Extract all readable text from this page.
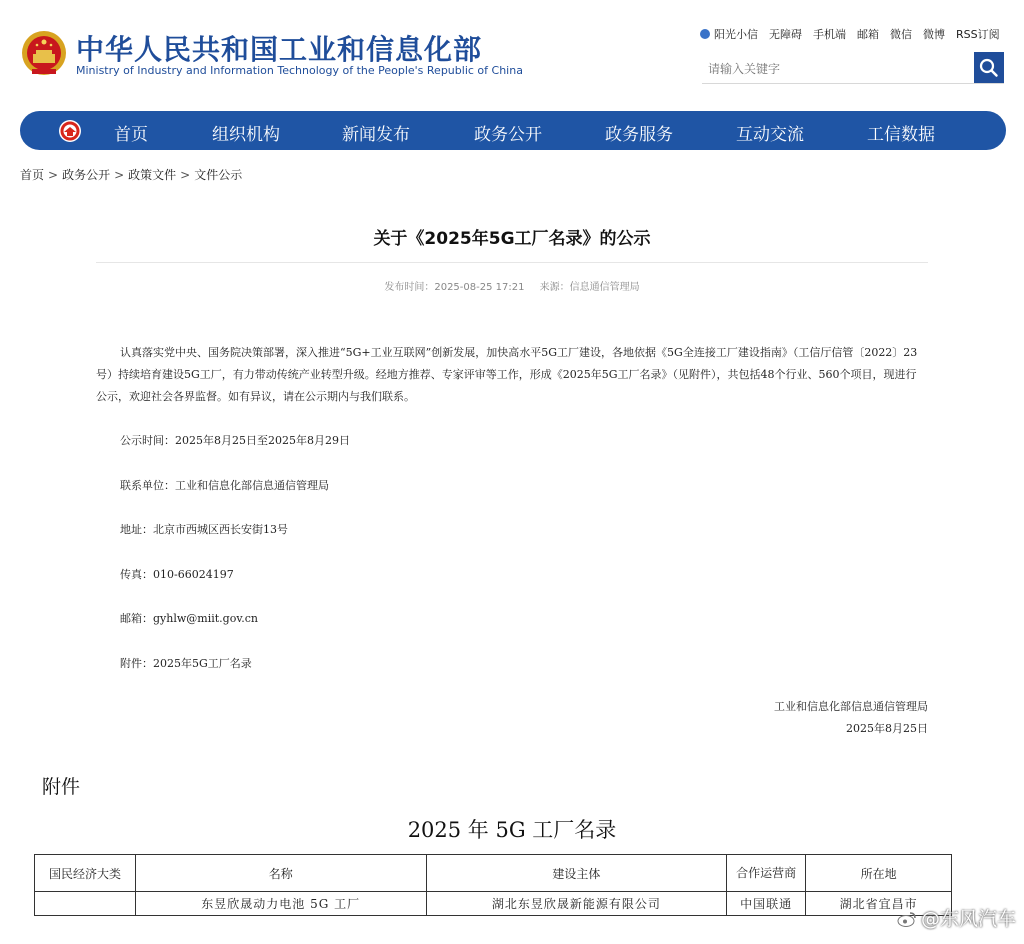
中华人民共和国工业和信息化部
Ministry of Industry and Information Technology of the People's Republic of China
阳光小信 无障碍 手机端 邮箱 微信 微博 RSS订阅
请输入关键字
首页	组织机构	新闻发布	政务公开	政务服务	互动交流	工信数据
首页 > 政务公开 > 政策文件 > 文件公示
关于《2025年5G工厂名录》的公示
发布时间：2025-08-25 17:21 来源：信息通信管理局
认真落实党中央、国务院决策部署，深入推进“5G+工业互联网”创新发展，加快高水平5G工厂建设，各地依据《5G全连接工厂建设指南》（工信厅信管〔2022〕23号）持续培育建设5G工厂，有力带动传统产业转型升级。经地方推荐、专家评审等工作，形成《2025年5G工厂名录》（见附件），共包括48个行业、560个项目，现进行公示，欢迎社会各界监督。如有异议，请在公示期内与我们联系。
公示时间：2025年8月25日至2025年8月29日
联系单位：工业和信息化部信息通信管理局
地址：北京市西城区西长安街13号
传真：010-66024197
邮箱：gyhlw@miit.gov.cn
附件：2025年5G工厂名录
工业和信息化部信息通信管理局
2025年8月25日
附件
2025 年 5G 工厂名录
国民经济大类	名称	建设主体	合作运营商	所在地
	东昱欣晟动力电池 5G 工厂	湖北东昱欣晟新能源有限公司	中国联通	湖北省宜昌市
@东风汽车
